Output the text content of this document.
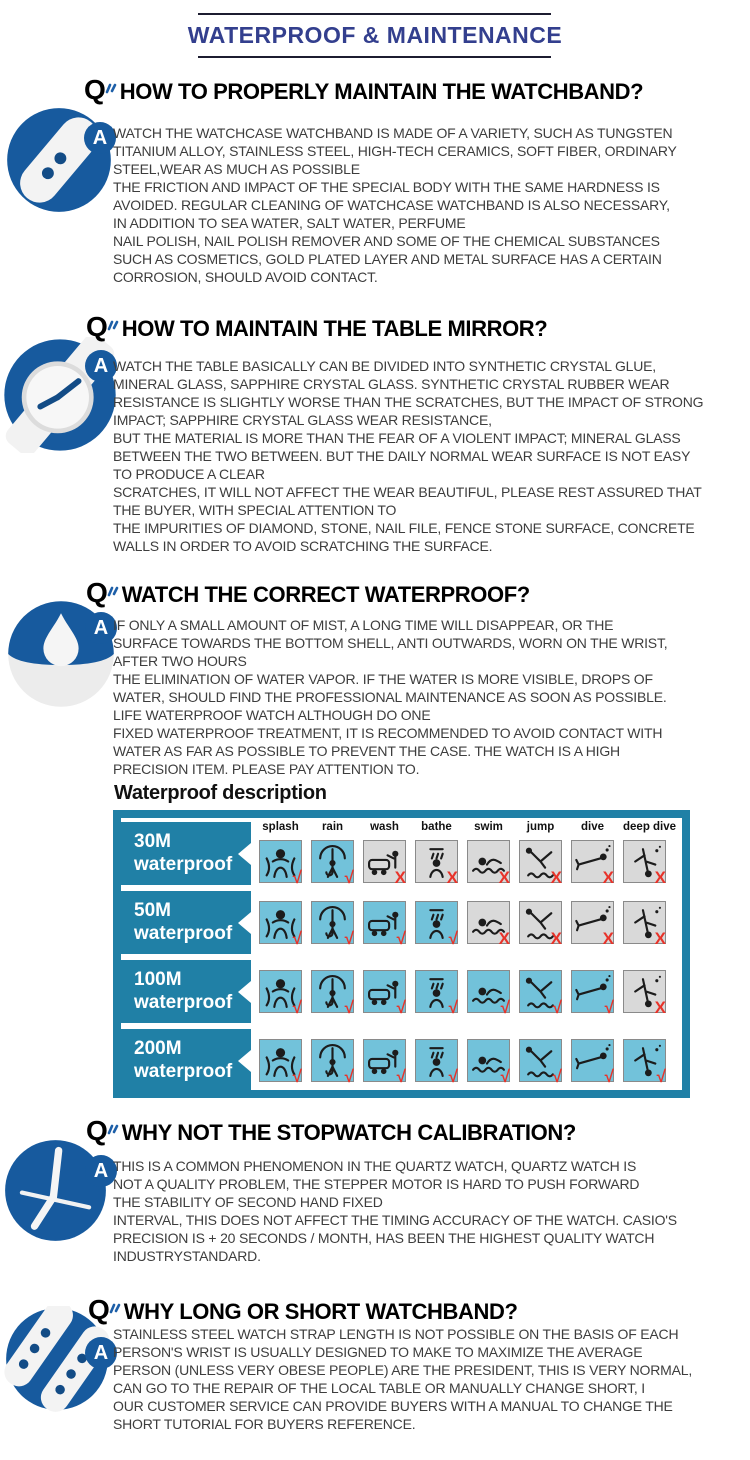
WATERPROOF & MAINTENANCE
Q HOW TO PROPERLY MAINTAIN THE WATCHBAND?
A WATCH THE WATCHCASE WATCHBAND IS MADE OF A VARIETY, SUCH AS TUNGSTEN
TITANIUM ALLOY, STAINLESS STEEL, HIGH-TECH CERAMICS, SOFT FIBER, ORDINARY
STEEL,WEAR AS MUCH AS POSSIBLE
THE FRICTION AND IMPACT OF THE SPECIAL BODY WITH THE SAME HARDNESS IS
AVOIDED. REGULAR CLEANING OF WATCHCASE WATCHBAND IS ALSO NECESSARY,
IN ADDITION TO SEA WATER, SALT WATER, PERFUME
NAIL POLISH, NAIL POLISH REMOVER AND SOME OF THE CHEMICAL SUBSTANCES
SUCH AS COSMETICS, GOLD PLATED LAYER AND METAL SURFACE HAS A CERTAIN
CORROSION, SHOULD AVOID CONTACT.
Q HOW TO MAINTAIN THE TABLE MIRROR?
A WATCH THE TABLE BASICALLY CAN BE DIVIDED INTO SYNTHETIC CRYSTAL GLUE,
MINERAL GLASS, SAPPHIRE CRYSTAL GLASS. SYNTHETIC CRYSTAL RUBBER WEAR
RESISTANCE IS SLIGHTLY WORSE THAN THE SCRATCHES, BUT THE IMPACT OF STRONG
IMPACT; SAPPHIRE CRYSTAL GLASS WEAR RESISTANCE,
BUT THE MATERIAL IS MORE THAN THE FEAR OF A VIOLENT IMPACT; MINERAL GLASS
BETWEEN THE TWO BETWEEN. BUT THE DAILY NORMAL WEAR SURFACE IS NOT EASY
TO PRODUCE A CLEAR
SCRATCHES, IT WILL NOT AFFECT THE WEAR BEAUTIFUL, PLEASE REST ASSURED THAT
THE BUYER, WITH SPECIAL ATTENTION TO
THE IMPURITIES OF DIAMOND, STONE, NAIL FILE, FENCE STONE SURFACE, CONCRETE
WALLS IN ORDER TO AVOID SCRATCHING THE SURFACE.
Q WATCH THE CORRECT WATERPROOF?
A IF ONLY A SMALL AMOUNT OF MIST, A LONG TIME WILL DISAPPEAR, OR THE
SURFACE TOWARDS THE BOTTOM SHELL, ANTI OUTWARDS, WORN ON THE WRIST,
AFTER TWO HOURS
THE ELIMINATION OF WATER VAPOR. IF THE WATER IS MORE VISIBLE, DROPS OF
WATER, SHOULD FIND THE PROFESSIONAL MAINTENANCE AS SOON AS POSSIBLE.
LIFE WATERPROOF WATCH ALTHOUGH DO ONE
FIXED WATERPROOF TREATMENT, IT IS RECOMMENDED TO AVOID CONTACT WITH
WATER AS FAR AS POSSIBLE TO PREVENT THE CASE. THE WATCH IS A HIGH
PRECISION ITEM. PLEASE PAY ATTENTION TO.
Waterproof description
splash	rain	wash	bathe	swim	jump	dive	deep dive
30M
waterproof
√	√ X X X X X X
50M
waterproof	√	√	√	√ X X X X
100M
waterproof	√	√	√	√	√	√	√ X
200M
waterproof	√	√	√	√	√	√	√	√
Q WHY NOT THE STOPWATCH CALIBRATION?
A THIS IS A COMMON PHENOMENON IN THE QUARTZ WATCH, QUARTZ WATCH IS
NOT A QUALITY PROBLEM, THE STEPPER MOTOR IS HARD TO PUSH FORWARD
THE STABILITY OF SECOND HAND FIXED
INTERVAL, THIS DOES NOT AFFECT THE TIMING ACCURACY OF THE WATCH. CASIO'S
PRECISION IS + 20 SECONDS / MONTH, HAS BEEN THE HIGHEST QUALITY WATCH
INDUSTRYSTANDARD.
Q WHY LONG OR SHORT WATCHBAND?
A
STAINLESS STEEL WATCH STRAP LENGTH IS NOT POSSIBLE ON THE BASIS OF EACH
PERSON'S WRIST IS USUALLY DESIGNED TO MAKE TO MAXIMIZE THE AVERAGE
PERSON (UNLESS VERY OBESE PEOPLE) ARE THE PRESIDENT, THIS IS VERY NORMAL,
CAN GO TO THE REPAIR OF THE LOCAL TABLE OR MANUALLY CHANGE SHORT, I
OUR CUSTOMER SERVICE CAN PROVIDE BUYERS WITH A MANUAL TO CHANGE THE
SHORT TUTORIAL FOR BUYERS REFERENCE.
